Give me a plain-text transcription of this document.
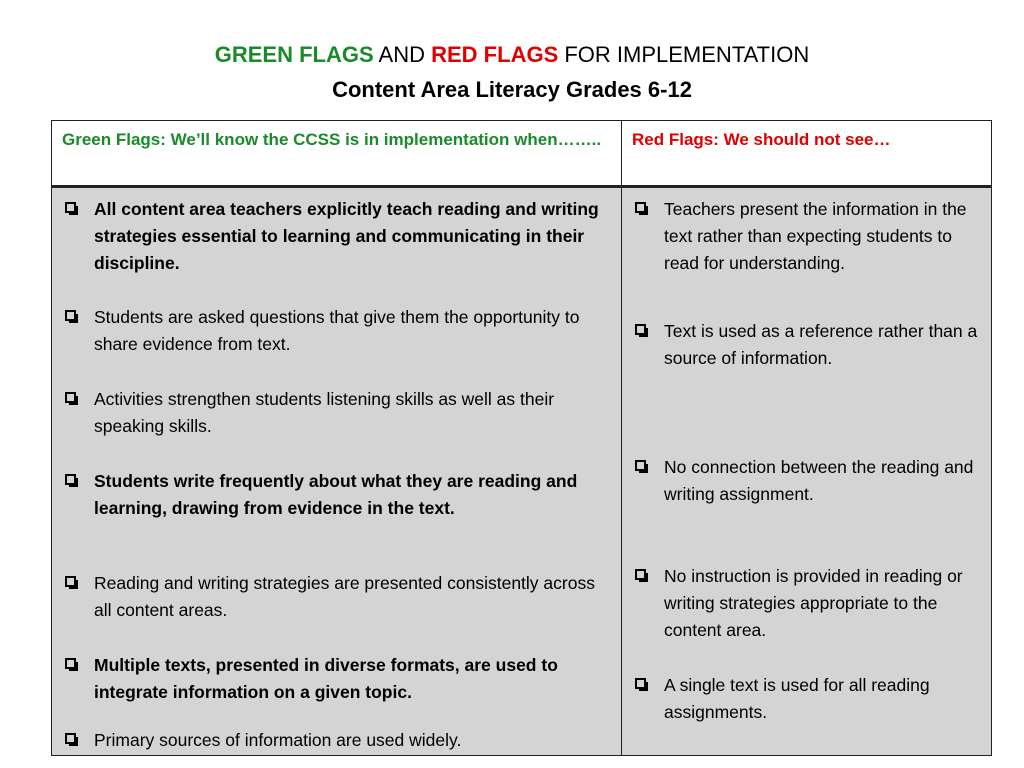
GREEN FLAGS AND RED FLAGS FOR IMPLEMENTATION
Content Area Literacy Grades 6-12
Green Flags: We’ll know the CCSS is in implementation when……..	Red Flags: We should not see…
All content area teachers explicitly teach reading and writing strategies essential to learning and communicating in their discipline.
Students are asked questions that give them the opportunity to share evidence from text.
Activities strengthen students listening skills as well as their speaking skills.
Students write frequently about what they are reading and learning, drawing from evidence in the text.
Reading and writing strategies are presented consistently across all content areas.
Multiple texts, presented in diverse formats, are used to integrate information on a given topic.
Primary sources of information are used widely.
Teachers present the information in the text rather than expecting students to read for understanding.
Text is used as a reference rather than a source of information.
No connection between the reading and writing assignment.
No instruction is provided in reading or writing strategies appropriate to the content area.
A single text is used for all reading assignments.
